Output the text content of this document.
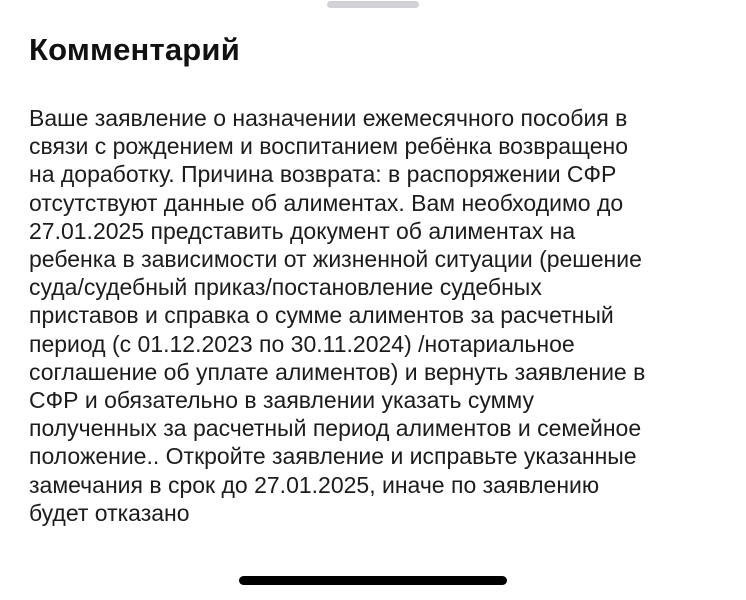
Комментарий

Ваше заявление о назначении ежемесячного пособия в
связи с рождением и воспитанием ребёнка возвращено
на доработку. Причина возврата: в распоряжении СФР
отсутствуют данные об алиментах. Вам необходимо до
27.01.2025 представить документ об алиментах на
ребенка в зависимости от жизненной ситуации (решение
суда/судебный приказ/постановление судебных
приставов и справка о сумме алиментов за расчетный
период (с 01.12.2023 по 30.11.2024) /нотариальное
соглашение об уплате алиментов) и вернуть заявление в
СФР и обязательно в заявлении указать сумму
полученных за расчетный период алиментов и семейное
положение.. Откройте заявление и исправьте указанные
замечания в срок до 27.01.2025, иначе по заявлению
будет отказано
